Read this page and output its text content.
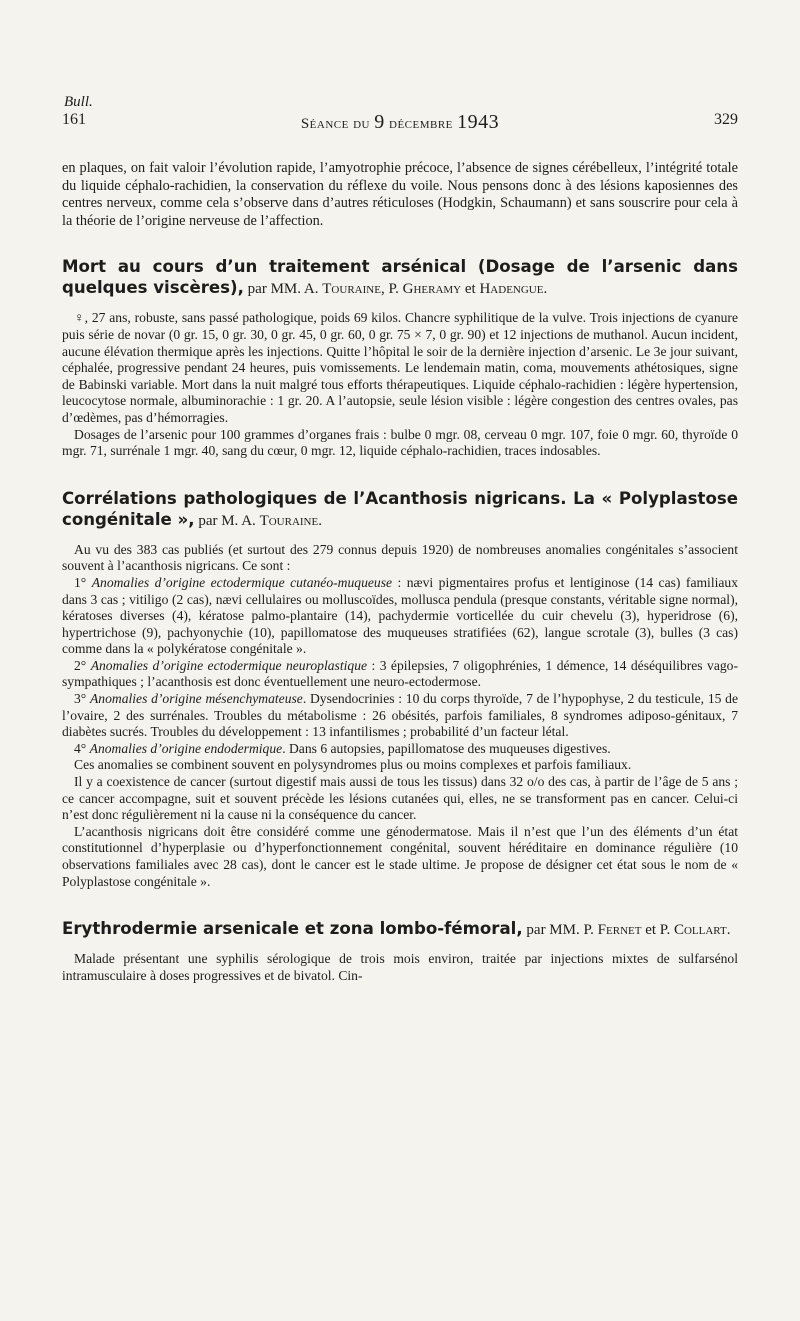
Bull.
161	Séance du 9 décembre 1943	329

en plaques, on fait valoir l’évolution rapide, l’amyotrophie précoce, l’absence de signes cérébelleux, l’intégrité totale du liquide céphalo-rachidien, la conservation du réflexe du voile. Nous pensons donc à des lésions kaposiennes des centres nerveux, comme cela s’observe dans d’autres réticuloses (Hodgkin, Schaumann) et sans souscrire pour cela à la théorie de l’origine nerveuse de l’affection.

Mort au cours d’un traitement arsénical (Dosage de l’arsenic dans quelques viscères), par MM. A. Touraine, P. Gheramy et Hadengue.

♀, 27 ans, robuste, sans passé pathologique, poids 69 kilos. Chancre syphilitique de la vulve. Trois injections de cyanure puis série de novar (0 gr. 15, 0 gr. 30, 0 gr. 45, 0 gr. 60, 0 gr. 75 × 7, 0 gr. 90) et 12 injections de muthanol. Aucun incident, aucune élévation thermique après les injections. Quitte l’hôpital le soir de la dernière injection d’arsenic. Le 3e jour suivant, céphalée, progressive pendant 24 heures, puis vomissements. Le lendemain matin, coma, mouvements athétosiques, signe de Babinski variable. Mort dans la nuit malgré tous efforts thérapeutiques. Liquide céphalo-rachidien : légère hypertension, leucocytose normale, albuminorachie : 1 gr. 20. A l’autopsie, seule lésion visible : légère congestion des centres ovales, pas d’œdèmes, pas d’hémorragies.

Dosages de l’arsenic pour 100 grammes d’organes frais : bulbe 0 mgr. 08, cerveau 0 mgr. 107, foie 0 mgr. 60, thyroïde 0 mgr. 71, surrénale 1 mgr. 40, sang du cœur, 0 mgr. 12, liquide céphalo-rachidien, traces indosables.

Corrélations pathologiques de l’Acanthosis nigricans. La « Polyplastose congénitale », par M. A. Touraine.

Au vu des 383 cas publiés (et surtout des 279 connus depuis 1920) de nombreuses anomalies congénitales s’associent souvent à l’acanthosis nigricans. Ce sont :

1° Anomalies d’origine ectodermique cutanéo-muqueuse : nævi pigmentaires profus et lentiginose (14 cas) familiaux dans 3 cas ; vitiligo (2 cas), nævi cellulaires ou molluscoïdes, molluscа pendula (presque constants, véritable signe normal), kératoses diverses (4), kératose palmo-plantaire (14), pachydermie vorticellée du cuir chevelu (3), hyperidrose (6), hypertrichose (9), pachyonychie (10), papillomatose des muqueuses stratifiées (62), langue scrotale (3), bulles (3 cas) comme dans la « polykératose congénitale ».

2° Anomalies d’origine ectodermique neuroplastique : 3 épilepsies, 7 oligophrénies, 1 démence, 14 déséquilibres vago-sympathiques ; l’acanthosis est donc éventuellement une neuro-ectodermose.

3° Anomalies d’origine mésenchymateuse. Dysendocrinies : 10 du corps thyroïde, 7 de l’hypophyse, 2 du testicule, 15 de l’ovaire, 2 des surrénales. Troubles du métabolisme : 26 obésités, parfois familiales, 8 syndromes adiposo-génitaux, 7 diabètes sucrés. Troubles du développement : 13 infantilismes ; probabilité d’un facteur létal.

4° Anomalies d’origine endodermique. Dans 6 autopsies, papillomatose des muqueuses digestives.

Ces anomalies se combinent souvent en polysyndromes plus ou moins complexes et parfois familiaux.

Il y a coexistence de cancer (surtout digestif mais aussi de tous les tissus) dans 32 o/o des cas, à partir de l’âge de 5 ans ; ce cancer accompagne, suit et souvent précède les lésions cutanées qui, elles, ne se transforment pas en cancer. Celui-ci n’est donc régulièrement ni la cause ni la conséquence du cancer.

L’acanthosis nigricans doit être considéré comme une génodermatose. Mais il n’est que l’un des éléments d’un état constitutionnel d’hyperplasie ou d’hyperfonctionnement congénital, souvent héréditaire en dominance régulière (10 observations familiales avec 28 cas), dont le cancer est le stade ultime. Je propose de désigner cet état sous le nom de « Polyplastose congénitale ».

Erythrodermie arsenicale et zona lombo-fémoral, par MM. P. Fernet et P. Collart.

Malade présentant une syphilis sérologique de trois mois environ, traitée par injections mixtes de sulfarsénol intramusculaire à doses progressives et de bivatol. Cin-
